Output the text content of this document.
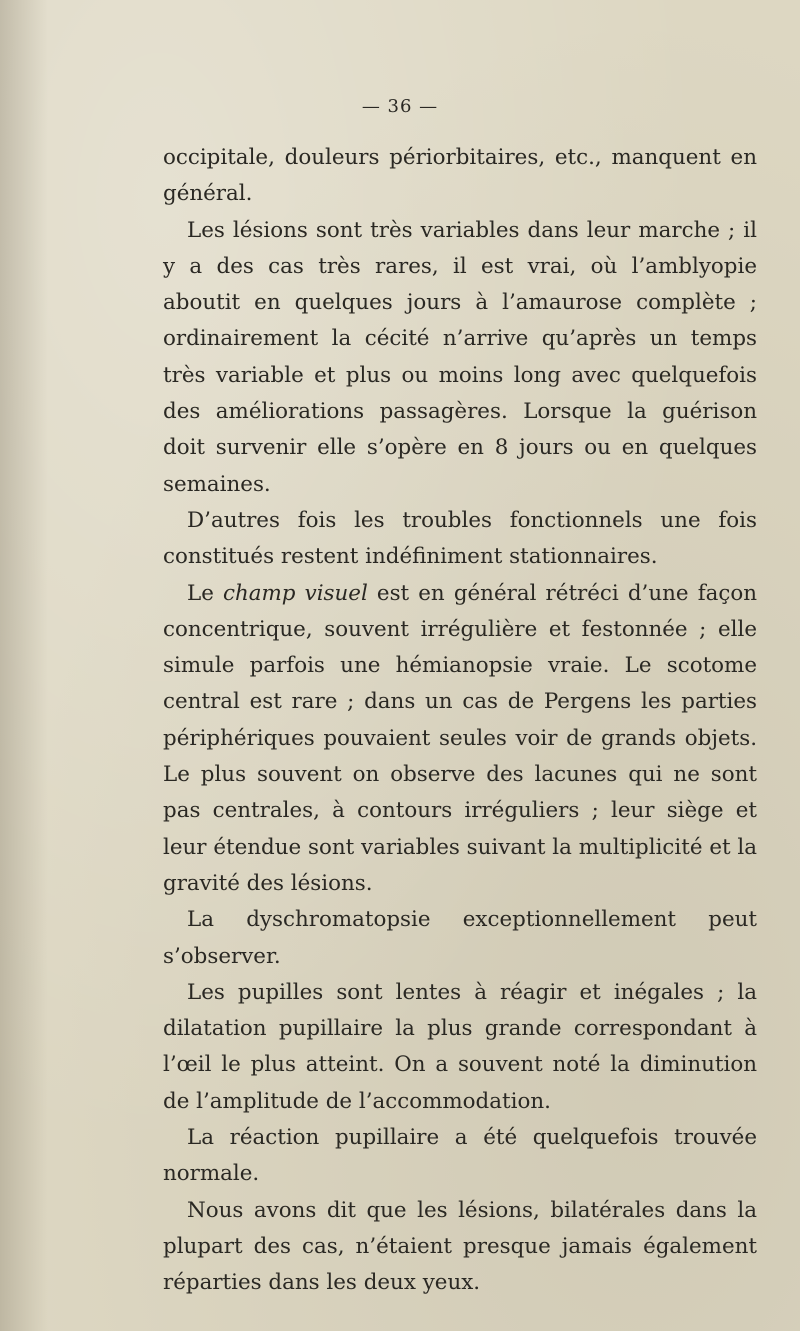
— 36 —

occipitale, douleurs périorbitaires, etc., manquent en général.

Les lésions sont très variables dans leur marche ; il y a des cas très rares, il est vrai, où l’amblyopie aboutit en quelques jours à l’amaurose complète ; ordinairement la cécité n’arrive qu’après un temps très variable et plus ou moins long avec quelquefois des améliorations passagères. Lorsque la guérison doit survenir elle s’opère en 8 jours ou en quelques semaines.

D’autres fois les troubles fonctionnels une fois constitués restent indéfiniment stationnaires.

Le champ visuel est en général rétréci d’une façon concentrique, souvent irrégulière et festonnée ; elle simule parfois une hémianopsie vraie. Le scotome central est rare ; dans un cas de Pergens les parties périphériques pouvaient seules voir de grands objets. Le plus souvent on observe des lacunes qui ne sont pas centrales, à contours irréguliers ; leur siège et leur étendue sont variables suivant la multiplicité et la gravité des lésions.

La dyschromatopsie exceptionnellement peut s’observer.

Les pupilles sont lentes à réagir et inégales ; la dilatation pupillaire la plus grande correspondant à l’œil le plus atteint. On a souvent noté la diminution de l’amplitude de l’accommodation.

La réaction pupillaire a été quelquefois trouvée normale.

Nous avons dit que les lésions, bilatérales dans la plupart des cas, n’étaient presque jamais également réparties dans les deux yeux.
